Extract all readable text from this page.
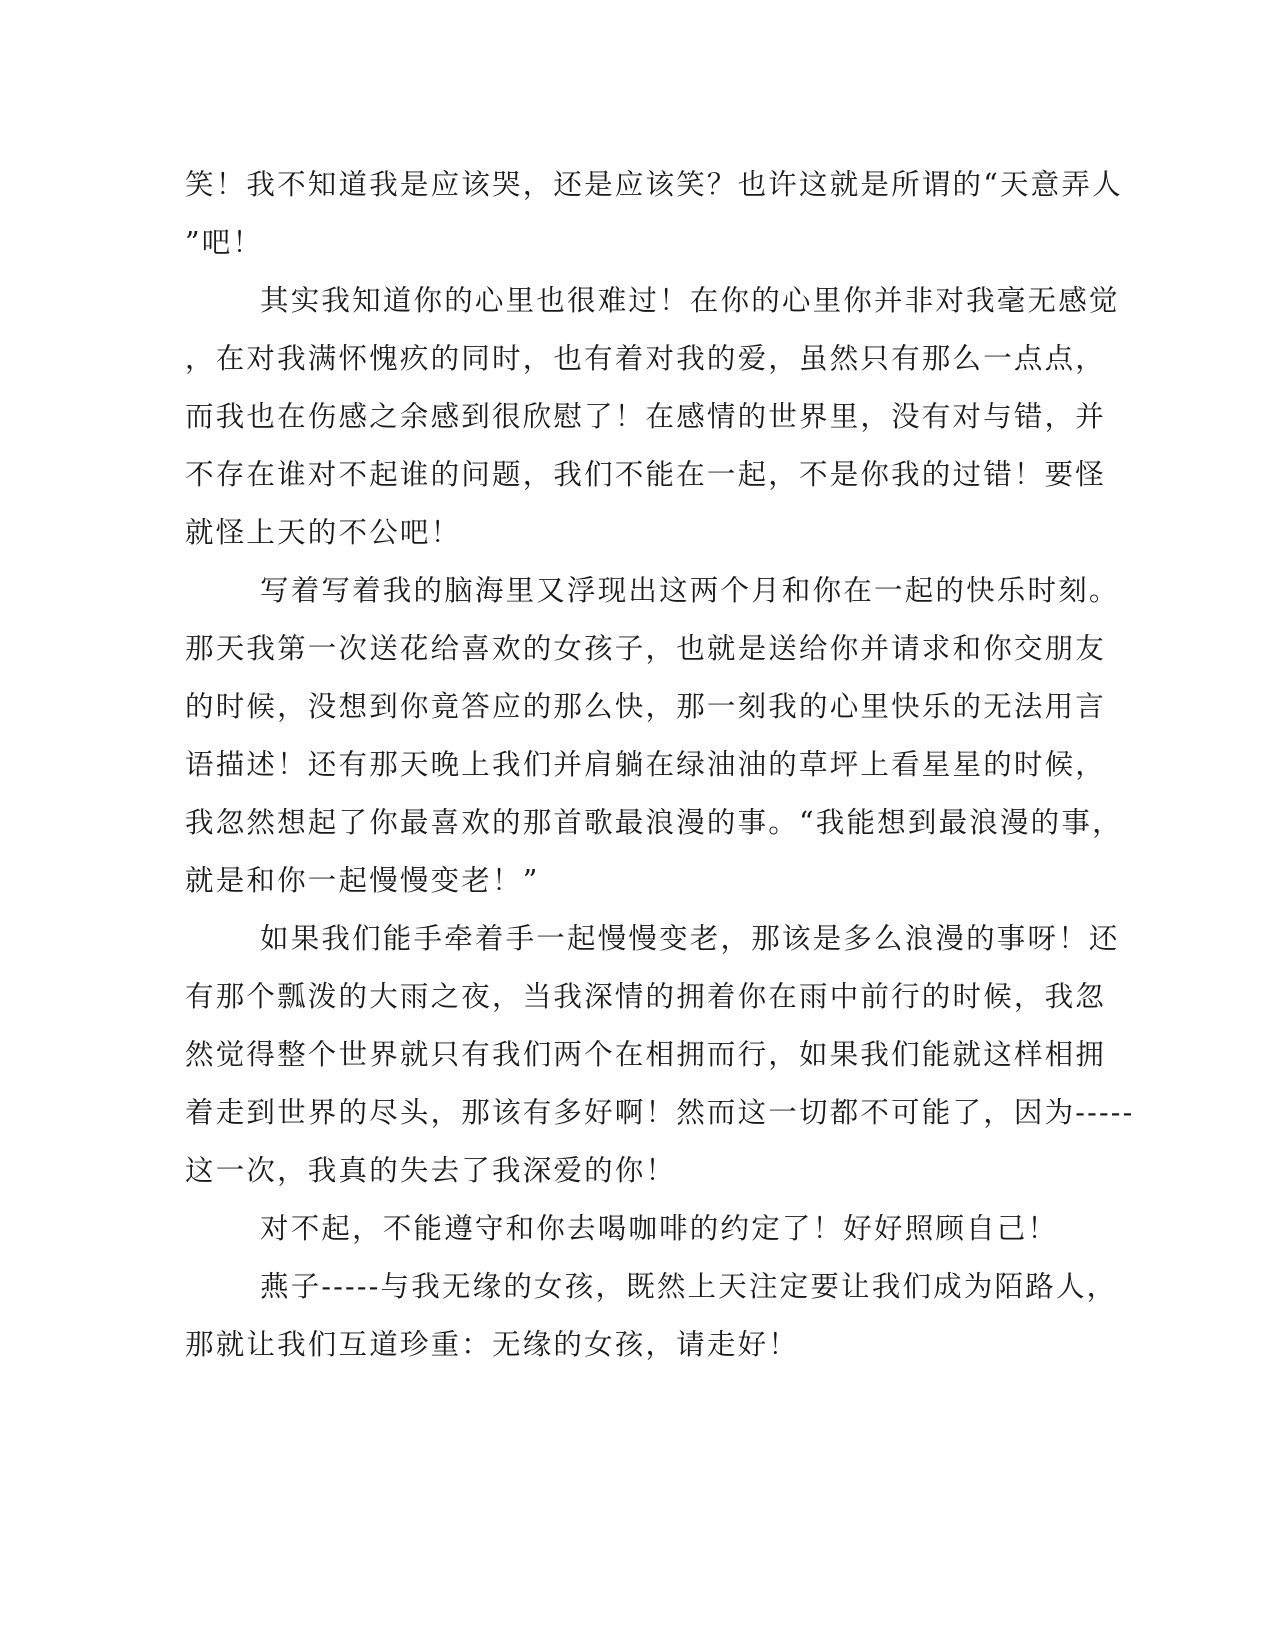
笑！我不知道我是应该哭，还是应该笑？也许这就是所谓的“天意弄人
”吧！
其实我知道你的心里也很难过！在你的心里你并非对我毫无感觉
，在对我满怀愧疚的同时，也有着对我的爱，虽然只有那么一点点，
而我也在伤感之余感到很欣慰了！在感情的世界里，没有对与错，并
不存在谁对不起谁的问题，我们不能在一起，不是你我的过错！要怪
就怪上天的不公吧！
写着写着我的脑海里又浮现出这两个月和你在一起的快乐时刻。
那天我第一次送花给喜欢的女孩子，也就是送给你并请求和你交朋友
的时候，没想到你竟答应的那么快，那一刻我的心里快乐的无法用言
语描述！还有那天晚上我们并肩躺在绿油油的草坪上看星星的时候，
我忽然想起了你最喜欢的那首歌最浪漫的事。“我能想到最浪漫的事，
就是和你一起慢慢变老！”
如果我们能手牵着手一起慢慢变老，那该是多么浪漫的事呀！还
有那个瓢泼的大雨之夜，当我深情的拥着你在雨中前行的时候，我忽
然觉得整个世界就只有我们两个在相拥而行，如果我们能就这样相拥
着走到世界的尽头，那该有多好啊！然而这一切都不可能了，因为-----
这一次，我真的失去了我深爱的你！
对不起，不能遵守和你去喝咖啡的约定了！好好照顾自己！
燕子-----与我无缘的女孩，既然上天注定要让我们成为陌路人，
那就让我们互道珍重：无缘的女孩，请走好！
